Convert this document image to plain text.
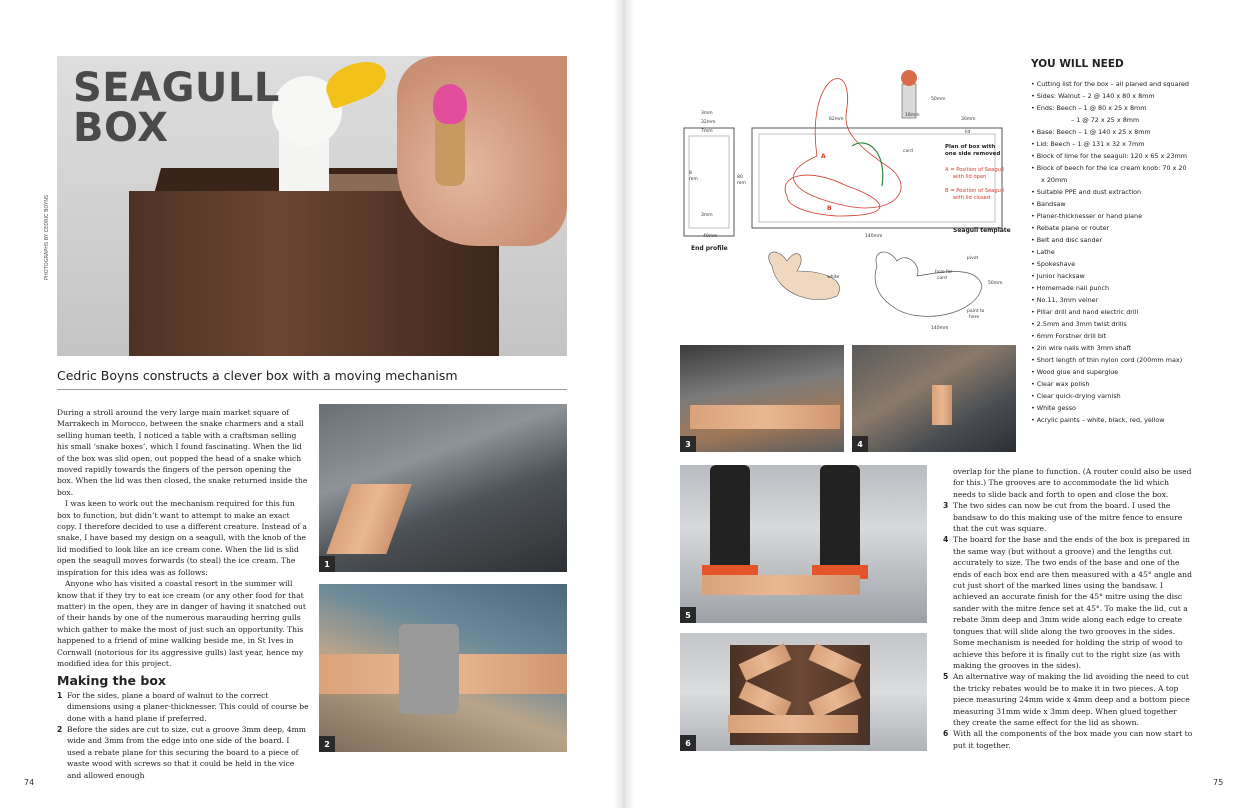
SEAGULL
BOX
PHOTOGRAPHS BY CEDRIC BOYNS
Cedric Boyns constructs a clever box with a moving mechanism

During a stroll around the very large main market square of Marrakech in Morocco, between the snake charmers and a stall selling human teeth, I noticed a table with a craftsman selling his small ‘snake boxes’, which I found fascinating. When the lid of the box was slid open, out popped the head of a snake which moved rapidly towards the fingers of the person opening the box. When the lid was then closed, the snake returned inside the box.

I was keen to work out the mechanism required for this fun box to function, but didn’t want to attempt to make an exact copy. I therefore decided to use a different creature. Instead of a snake, I have based my design on a seagull, with the knob of the lid modified to look like an ice cream cone. When the lid is slid open the seagull moves forwards (to steal) the ice cream. The inspiration for this idea was as follows:

Anyone who has visited a coastal resort in the summer will know that if they try to eat ice cream (or any other food for that matter) in the open, they are in danger of having it snatched out of their hands by one of the numerous marauding herring gulls which gather to make the most of just such an opportunity. This happened to a friend of mine walking beside me, in St Ives in Cornwall (notorious for its aggressive gulls) last year, hence my modified idea for this project.

Making the box
1 For the sides, plane a board of walnut to the correct dimensions using a planer-thicknesser. This could of course be done with a hand plane if preferred.
2 Before the sides are cut to size, cut a groove 3mm deep, 4mm wide and 3mm from the edge into one side of the board. I used a rebate plane for this securing the board to a piece of waste wood with screws so that it could be held in the vice and allowed enough
1
2
3	4
5
6
3mm
32mm
7mm
8
mm	80
mm
3mm
40mm
End profile
62mm
18mm
50mm
30mm
lid
cord
A
B
Plan of box with
one side removed
A = Position of Seagull
with lid open
B = Position of Seagull
with lid closed
140mm
Seagull template
white
pivot
hole for
cord
50mm
paint to
here
140mm
YOU WILL NEED
• Cutting list for the box – all planed and squared
• Sides: Walnut – 2 @ 140 x 80 x 8mm
• Ends: Beech – 1 @ 80 x 25 x 8mm
– 1 @ 72 x 25 x 8mm
• Base: Beech – 1 @ 140 x 25 x 8mm
• Lid: Beech – 1 @ 131 x 32 x 7mm
• Block of lime for the seagull: 120 x 65 x 23mm
• Block of beech for the ice cream knob: 70 x 20
x 20mm
• Suitable PPE and dust extraction
• Bandsaw
• Planer-thicknesser or hand plane
• Rebate plane or router
• Belt and disc sander
• Lathe
• Spokeshave
• Junior hacksaw
• Homemade nail punch
• No.11, 3mm veiner
• Pillar drill and hand electric drill
• 2.5mm and 3mm twist drills
• 6mm Forstner drill bit
• 2in wire nails with 3mm shaft
• Short length of thin nylon cord (200mm max)
• Wood glue and superglue
• Clear wax polish
• Clear quick-drying varnish
• White gesso
• Acrylic paints – white, black, red, yellow
overlap for the plane to function. (A router could also be used for this.) The grooves are to accommodate the lid which needs to slide back and forth to open and close the box.
3 The two sides can now be cut from the board. I used the bandsaw to do this making use of the mitre fence to ensure that the cut was square.
4 The board for the base and the ends of the box is prepared in the same way (but without a groove) and the lengths cut accurately to size. The two ends of the base and one of the ends of each box end are then measured with a 45° angle and cut just short of the marked lines using the bandsaw. I achieved an accurate finish for the 45° mitre using the disc sander with the mitre fence set at 45°. To make the lid, cut a rebate 3mm deep and 3mm wide along each edge to create tongues that will slide along the two grooves in the sides. Some mechanism is needed for holding the strip of wood to achieve this before it is finally cut to the right size (as with making the grooves in the sides).
5 An alternative way of making the lid avoiding the need to cut the tricky rebates would be to make it in two pieces. A top piece measuring 24mm wide x 4mm deep and a bottom piece measuring 31mm wide x 3mm deep. When glued together they create the same effect for the lid as shown.
6 With all the components of the box made you can now start to put it together.
74	75
